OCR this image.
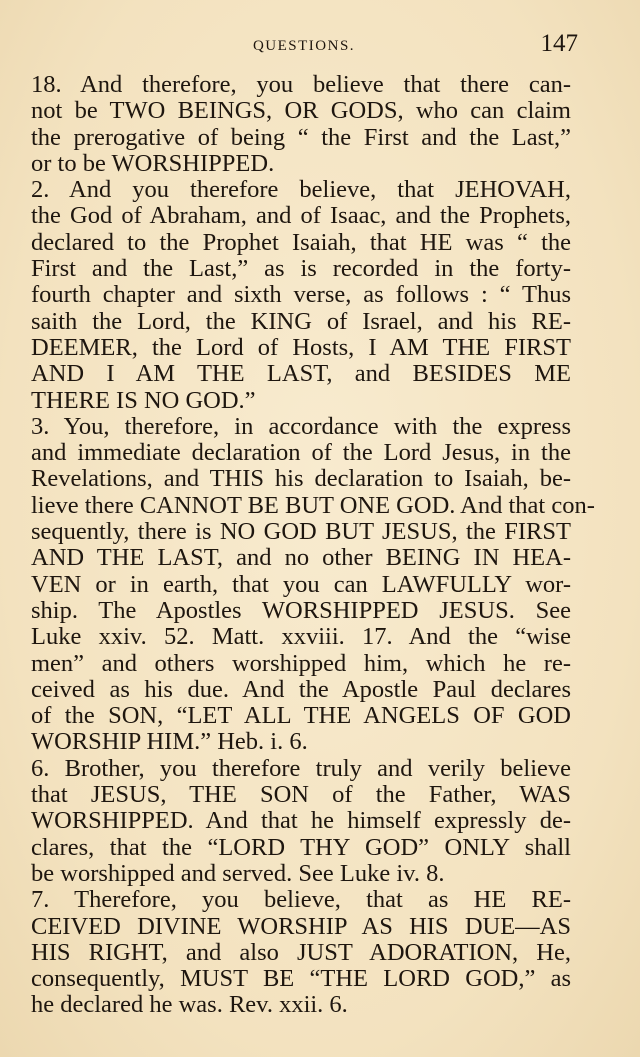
QUESTIONS.	147
18. And therefore, you believe that there can-
not be TWO BEINGS, OR GODS, who can claim
the prerogative of being “ the First and the Last,”
or to be WORSHIPPED.
2. And you therefore believe, that JEHOVAH,
the God of Abraham, and of Isaac, and the Prophets,
declared to the Prophet Isaiah, that HE was “ the
First and the Last,” as is recorded in the forty-
fourth chapter and sixth verse, as follows : “ Thus
saith the Lord, the KING of Israel, and his RE-
DEEMER, the Lord of Hosts, I AM THE FIRST
AND I AM THE LAST, and BESIDES ME
THERE IS NO GOD.”
3. You, therefore, in accordance with the express
and immediate declaration of the Lord Jesus, in the
Revelations, and THIS his declaration to Isaiah, be-
lieve there CANNOT BE BUT ONE GOD. And that con-
sequently, there is NO GOD BUT JESUS, the FIRST
AND THE LAST, and no other BEING IN HEA-
VEN or in earth, that you can LAWFULLY wor-
ship. The Apostles WORSHIPPED JESUS. See
Luke xxiv. 52. Matt. xxviii. 17. And the “wise
men” and others worshipped him, which he re-
ceived as his due. And the Apostle Paul declares
of the SON, “LET ALL THE ANGELS OF GOD
WORSHIP HIM.” Heb. i. 6.
6. Brother, you therefore truly and verily believe
that JESUS, THE SON of the Father, WAS
WORSHIPPED. And that he himself expressly de-
clares, that the “LORD THY GOD” ONLY shall
be worshipped and served. See Luke iv. 8.
7. Therefore, you believe, that as HE RE-
CEIVED DIVINE WORSHIP AS HIS DUE—AS
HIS RIGHT, and also JUST ADORATION, He,
consequently, MUST BE “THE LORD GOD,” as
he declared he was. Rev. xxii. 6.
